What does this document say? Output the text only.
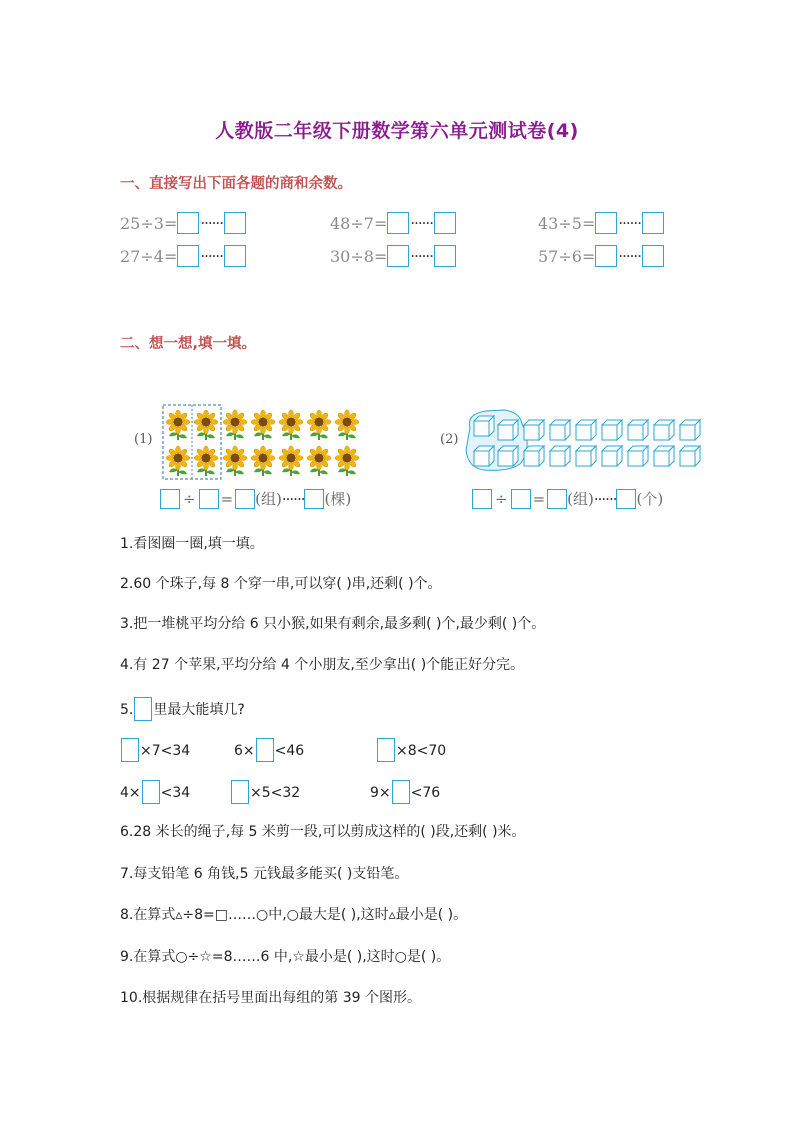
人教版二年级下册数学第六单元测试卷(4)
一、直接写出下面各题的商和余数。
25÷3= ······	48÷7= ······	43÷5= ······
27÷4= ······	30÷8= ······	57÷6= ······
二、想一想,填一填。
(1)
÷ = (组) ······ (棵)
(2)
÷ = (组) ······ (个)
1.看图圈一圈,填一填。
2.60 个珠子,每 8 个穿一串,可以穿( )串,还剩( )个。
3.把一堆桃平均分给 6 只小猴,如果有剩余,最多剩( )个,最少剩( )个。
4.有 27 个苹果,平均分给 4 个小朋友,至少拿出( )个能正好分完。
5. 里最大能填几?
×7<34	6× <46	×8<70
4× <34	×5<32	9× <76
6.28 米长的绳子,每 5 米剪一段,可以剪成这样的( )段,还剩( )米。
7.每支铅笔 6 角钱,5 元钱最多能买( )支铅笔。
8.在算式▵÷8=□……○中,○最大是( ),这时▵最小是( )。
9.在算式○÷☆=8……6 中,☆最小是( ),这时○是( )。
10.根据规律在括号里面出每组的第 39 个图形。
